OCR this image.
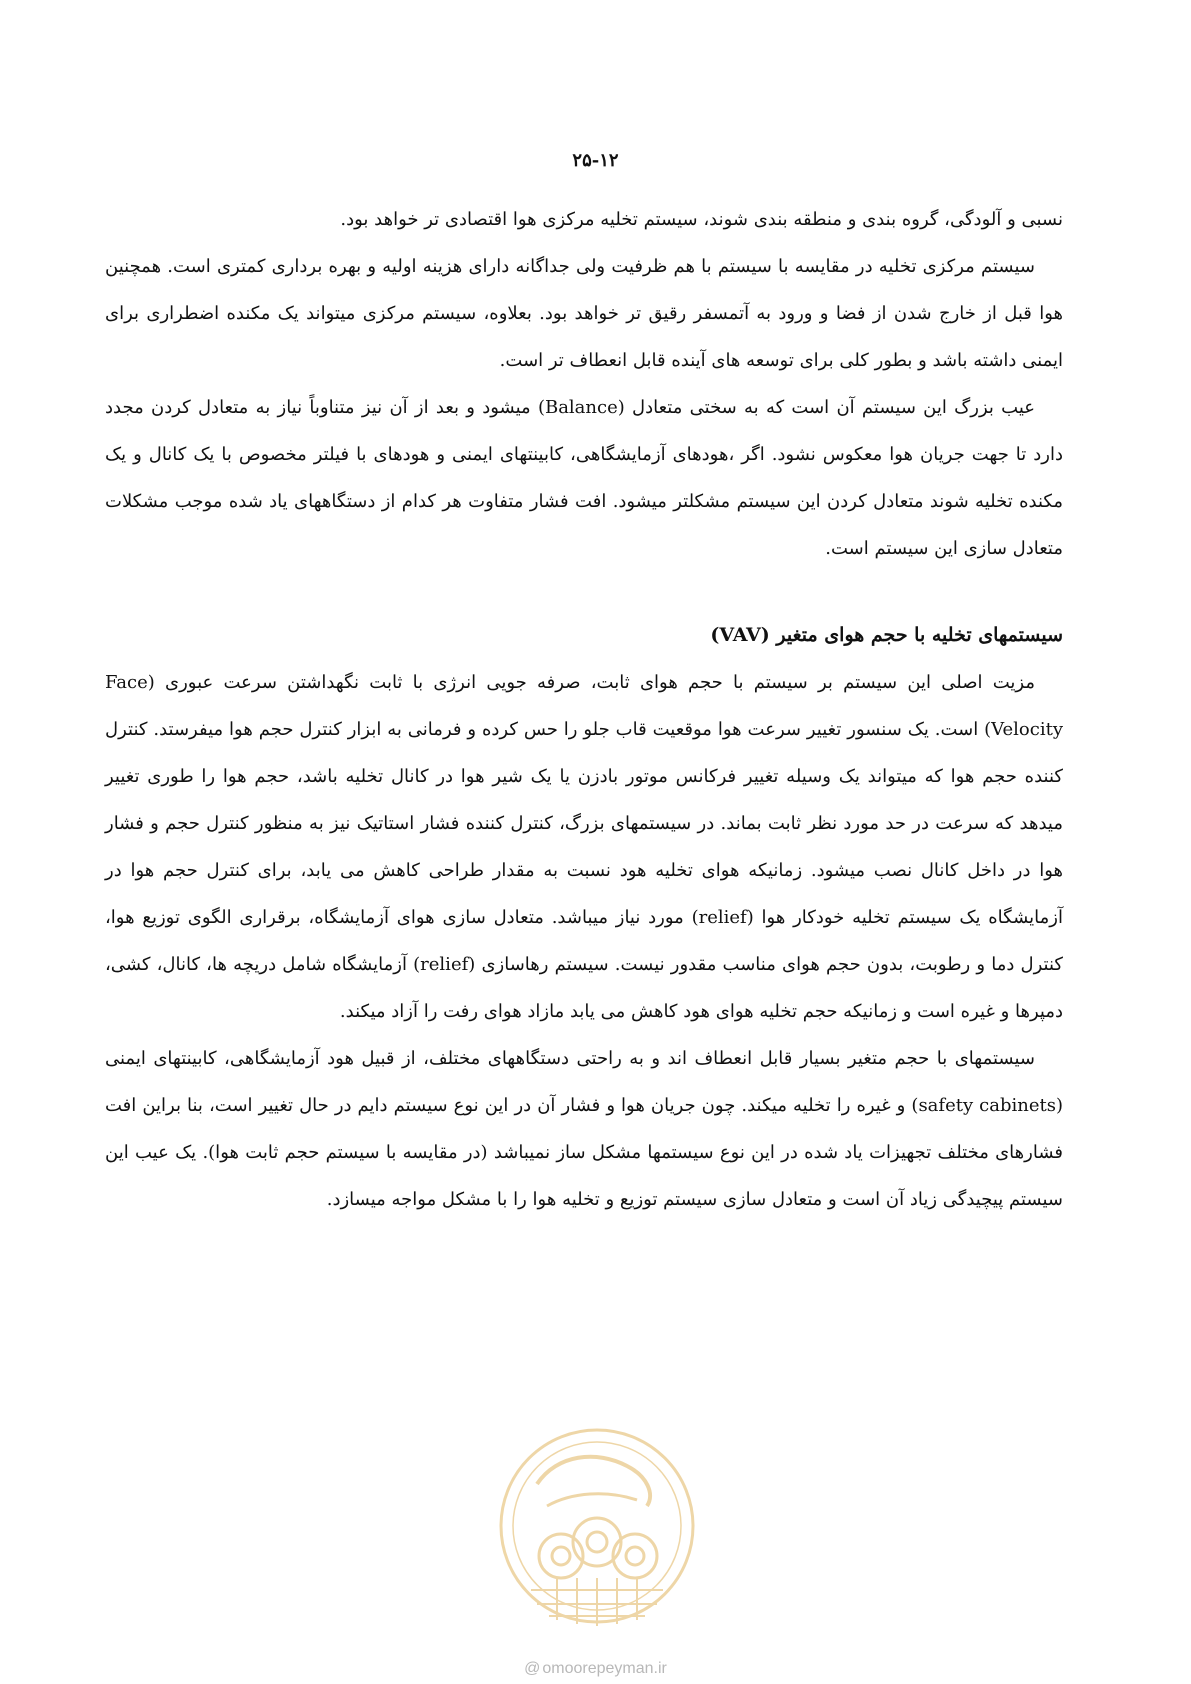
۲۵-۱۲

نسبی و آلودگی، گروه بندی و منطقه بندی شوند، سیستم تخلیه مرکزی هوا اقتصادی تر خواهد بود.

سیستم مرکزی تخلیه در مقایسه با سیستم با هم ظرفیت ولی جداگانه دارای هزینه اولیه و بهره برداری کمتری است. همچنین هوا قبل از خارج شدن از فضا و ورود به آتمسفر رقیق تر خواهد بود. بعلاوه، سیستم مرکزی میتواند یک مکنده اضطراری برای ایمنی داشته باشد و بطور کلی برای توسعه های آینده قابل انعطاف تر است.

عیب بزرگ این سیستم آن است که به سختی متعادل (Balance) میشود و بعد از آن نیز متناوباً نیاز به متعادل کردن مجدد دارد تا جهت جریان هوا معکوس نشود. اگر ،هودهای آزمایشگاهی، کابینتهای ایمنی و هودهای با فیلتر مخصوص با یک کانال و یک مکنده تخلیه شوند متعادل کردن این سیستم مشکلتر میشود. افت فشار متفاوت هر کدام از دستگاههای یاد شده موجب مشکلات متعادل سازی این سیستم است.

سیستمهای تخلیه با حجم هوای متغیر (VAV)

مزیت اصلی این سیستم بر سیستم با حجم هوای ثابت، صرفه جویی انرژی با ثابت نگهداشتن سرعت عبوری (Face Velocity) است. یک سنسور تغییر سرعت هوا موقعیت قاب جلو را حس کرده و فرمانی به ابزار کنترل حجم هوا میفرستد. کنترل کننده حجم هوا که میتواند یک وسیله تغییر فرکانس موتور بادزن یا یک شیر هوا در کانال تخلیه باشد، حجم هوا را طوری تغییر میدهد که سرعت در حد مورد نظر ثابت بماند. در سیستمهای بزرگ، کنترل کننده فشار استاتیک نیز به منظور کنترل حجم و فشار هوا در داخل کانال نصب میشود. زمانیکه هوای تخلیه هود نسبت به مقدار طراحی کاهش می یابد، برای کنترل حجم هوا در آزمایشگاه یک سیستم تخلیه خودکار هوا (relief) مورد نیاز میباشد. متعادل سازی هوای آزمایشگاه، برقراری الگوی توزیع هوا، کنترل دما و رطوبت، بدون حجم هوای مناسب مقدور نیست. سیستم رهاسازی (relief) آزمایشگاه شامل دریچه ها، کانال، کشی، دمپرها و غیره است و زمانیکه حجم تخلیه هوای هود کاهش می یابد مازاد هوای رفت را آزاد میکند.

سیستمهای با حجم متغیر بسیار قابل انعطاف اند و به راحتی دستگاههای مختلف، از قبیل هود آزمایشگاهی، کابینتهای ایمنی (safety cabinets) و غیره را تخلیه میکند. چون جریان هوا و فشار آن در این نوع سیستم دایم در حال تغییر است، بنا براین افت فشارهای مختلف تجهیزات یاد شده در این نوع سیستمها مشکل ساز نمیباشد (در مقایسه با سیستم حجم ثابت هوا). یک عیب این سیستم پیچیدگی زیاد آن است و متعادل سازی سیستم توزیع و تخلیه هوا را با مشکل مواجه میسازد.

@ omoorepeyman.ir
